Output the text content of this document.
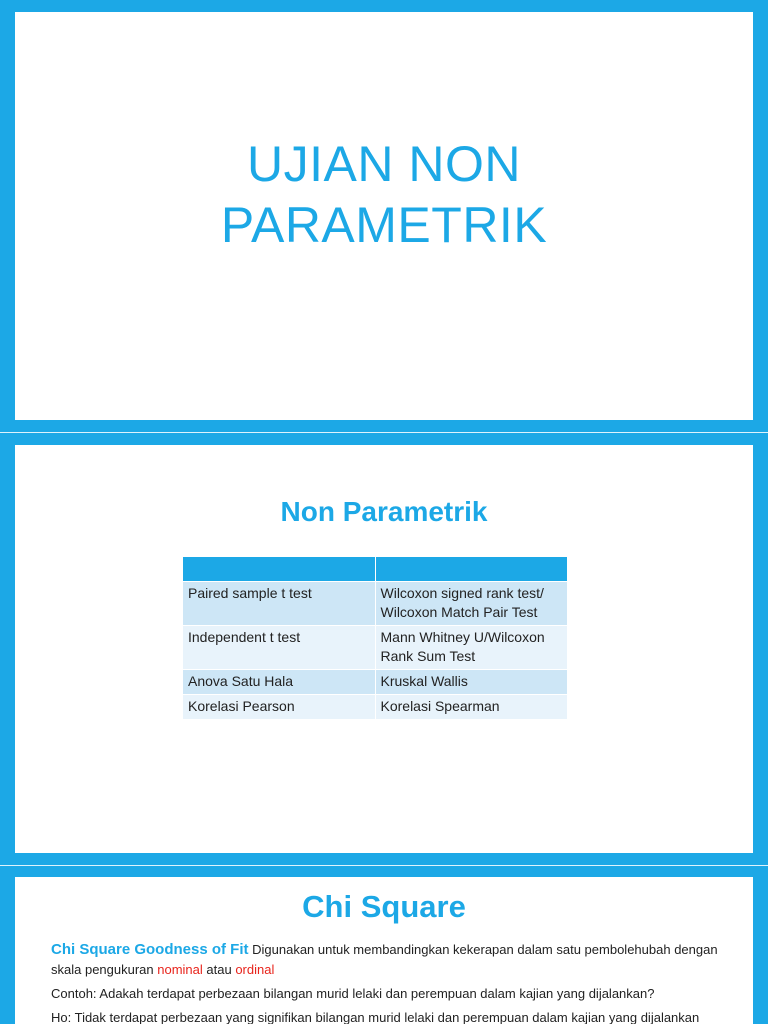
UJIAN NON
PARAMETRIK
Non Parametrik

Paired sample t test	Wilcoxon signed rank test/
Wilcoxon Match Pair Test
Independent t test	Mann Whitney U/Wilcoxon
Rank Sum Test
Anova Satu Hala	Kruskal Wallis
Korelasi Pearson	Korelasi Spearman
Chi Square

Chi Square Goodness of Fit Digunakan untuk membandingkan kekerapan dalam satu pembolehubah dengan skala pengukuran nominal atau ordinal

Contoh: Adakah terdapat perbezaan bilangan murid lelaki dan perempuan dalam kajian yang dijalankan?

Ho: Tidak terdapat perbezaan yang signifikan bilangan murid lelaki dan perempuan dalam kajian yang dijalankan
